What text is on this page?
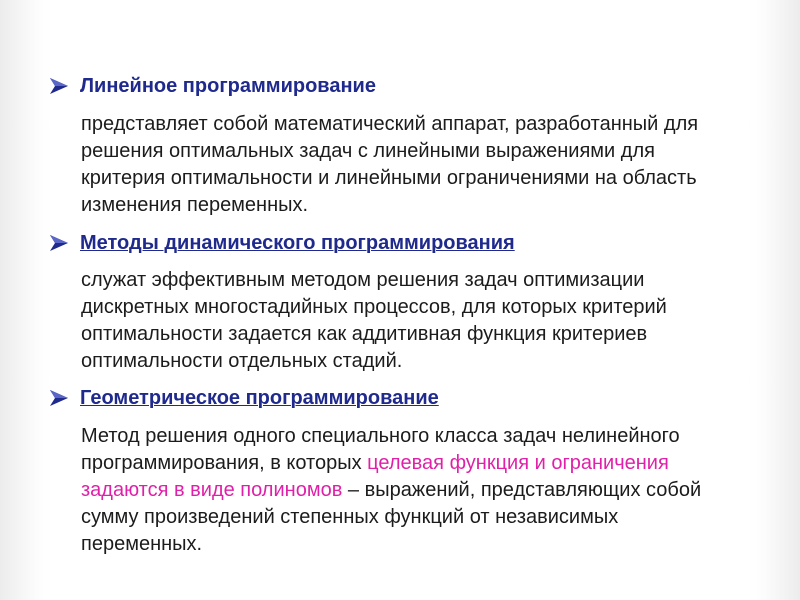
Линейное программирование
представляет собой математический аппарат, разработанный для
решения оптимальных задач с линейными выражениями для
критерия оптимальности и линейными ограничениями на область
изменения переменных.
Методы динамического программирования
служат эффективным методом решения задач оптимизации
дискретных многостадийных процессов, для которых критерий
оптимальности задается как аддитивная функция критериев
оптимальности отдельных стадий.
Геометрическое программирование
Метод решения одного специального класса задач нелинейного
программирования, в которых целевая функция и ограничения
задаются в виде полиномов – выражений, представляющих собой
сумму произведений степенных функций от независимых
переменных.
